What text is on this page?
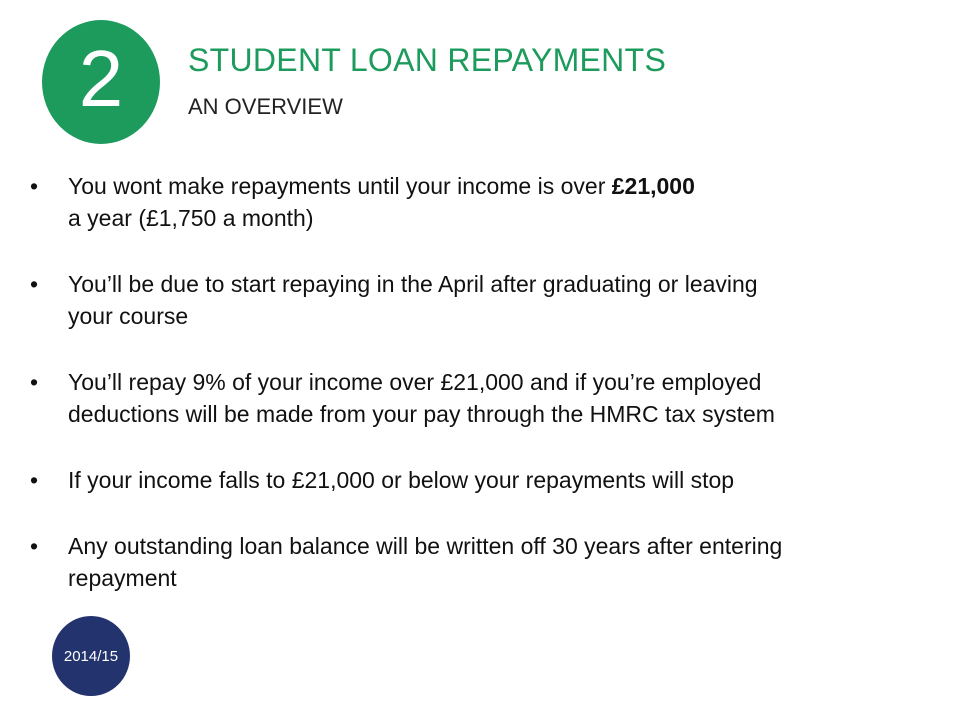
2 STUDENT LOAN REPAYMENTS
AN OVERVIEW
• You wont make repayments until your income is over £21,000
a year (£1,750 a month)
• You’ll be due to start repaying in the April after graduating or leaving
your course
• You’ll repay 9% of your income over £21,000 and if you’re employed
deductions will be made from your pay through the HMRC tax system
• If your income falls to £21,000 or below your repayments will stop
• Any outstanding loan balance will be written off 30 years after entering
repayment
2014/15
